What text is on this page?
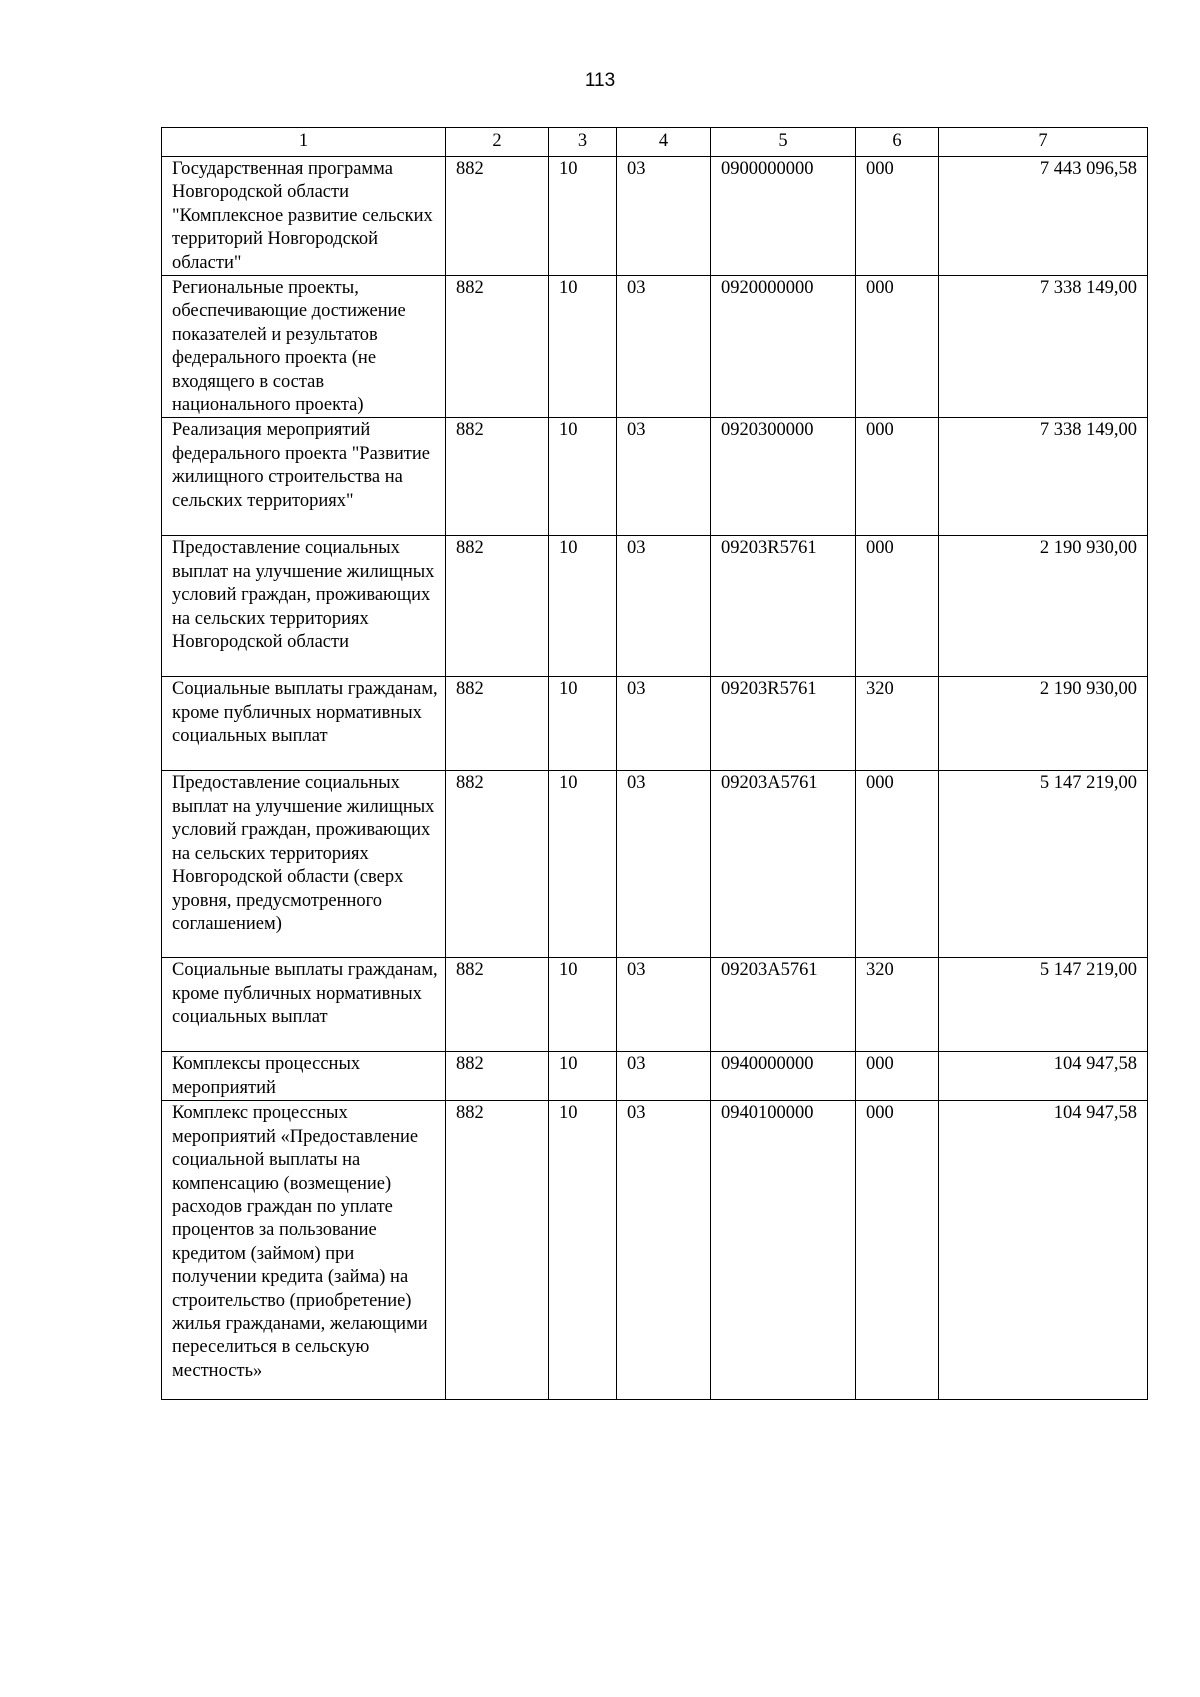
113
1	2	3	4	5	6	7
Государственная программа Новгородской области "Комплексное развитие сельских территорий Новгородской области"	882	10	03	0900000000	000	7 443 096,58
Региональные проекты, обеспечивающие достижение показателей и результатов федерального проекта (не входящего в состав национального проекта)	882	10	03	0920000000	000	7 338 149,00
Реализация мероприятий федерального проекта "Развитие жилищного строительства на сельских территориях"	882	10	03	0920300000	000	7 338 149,00
Предоставление социальных выплат на улучшение жилищных условий граждан, проживающих на сельских территориях Новгородской области	882	10	03	09203R5761	000	2 190 930,00
Социальные выплаты гражданам, кроме публичных нормативных социальных выплат	882	10	03	09203R5761	320	2 190 930,00
Предоставление социальных выплат на улучшение жилищных условий граждан, проживающих на сельских территориях Новгородской области (сверх уровня, предусмотренного соглашением)	882	10	03	09203А5761	000	5 147 219,00
Социальные выплаты гражданам, кроме публичных нормативных социальных выплат	882	10	03	09203А5761	320	5 147 219,00
Комплексы процессных мероприятий	882	10	03	0940000000	000	104 947,58
Комплекс процессных мероприятий «Предоставление социальной выплаты на компенсацию (возмещение) расходов граждан по уплате процентов за пользование кредитом (займом) при получении кредита (займа) на строительство (приобретение) жилья гражданами, желающими переселиться в сельскую местность»	882	10	03	0940100000	000	104 947,58
